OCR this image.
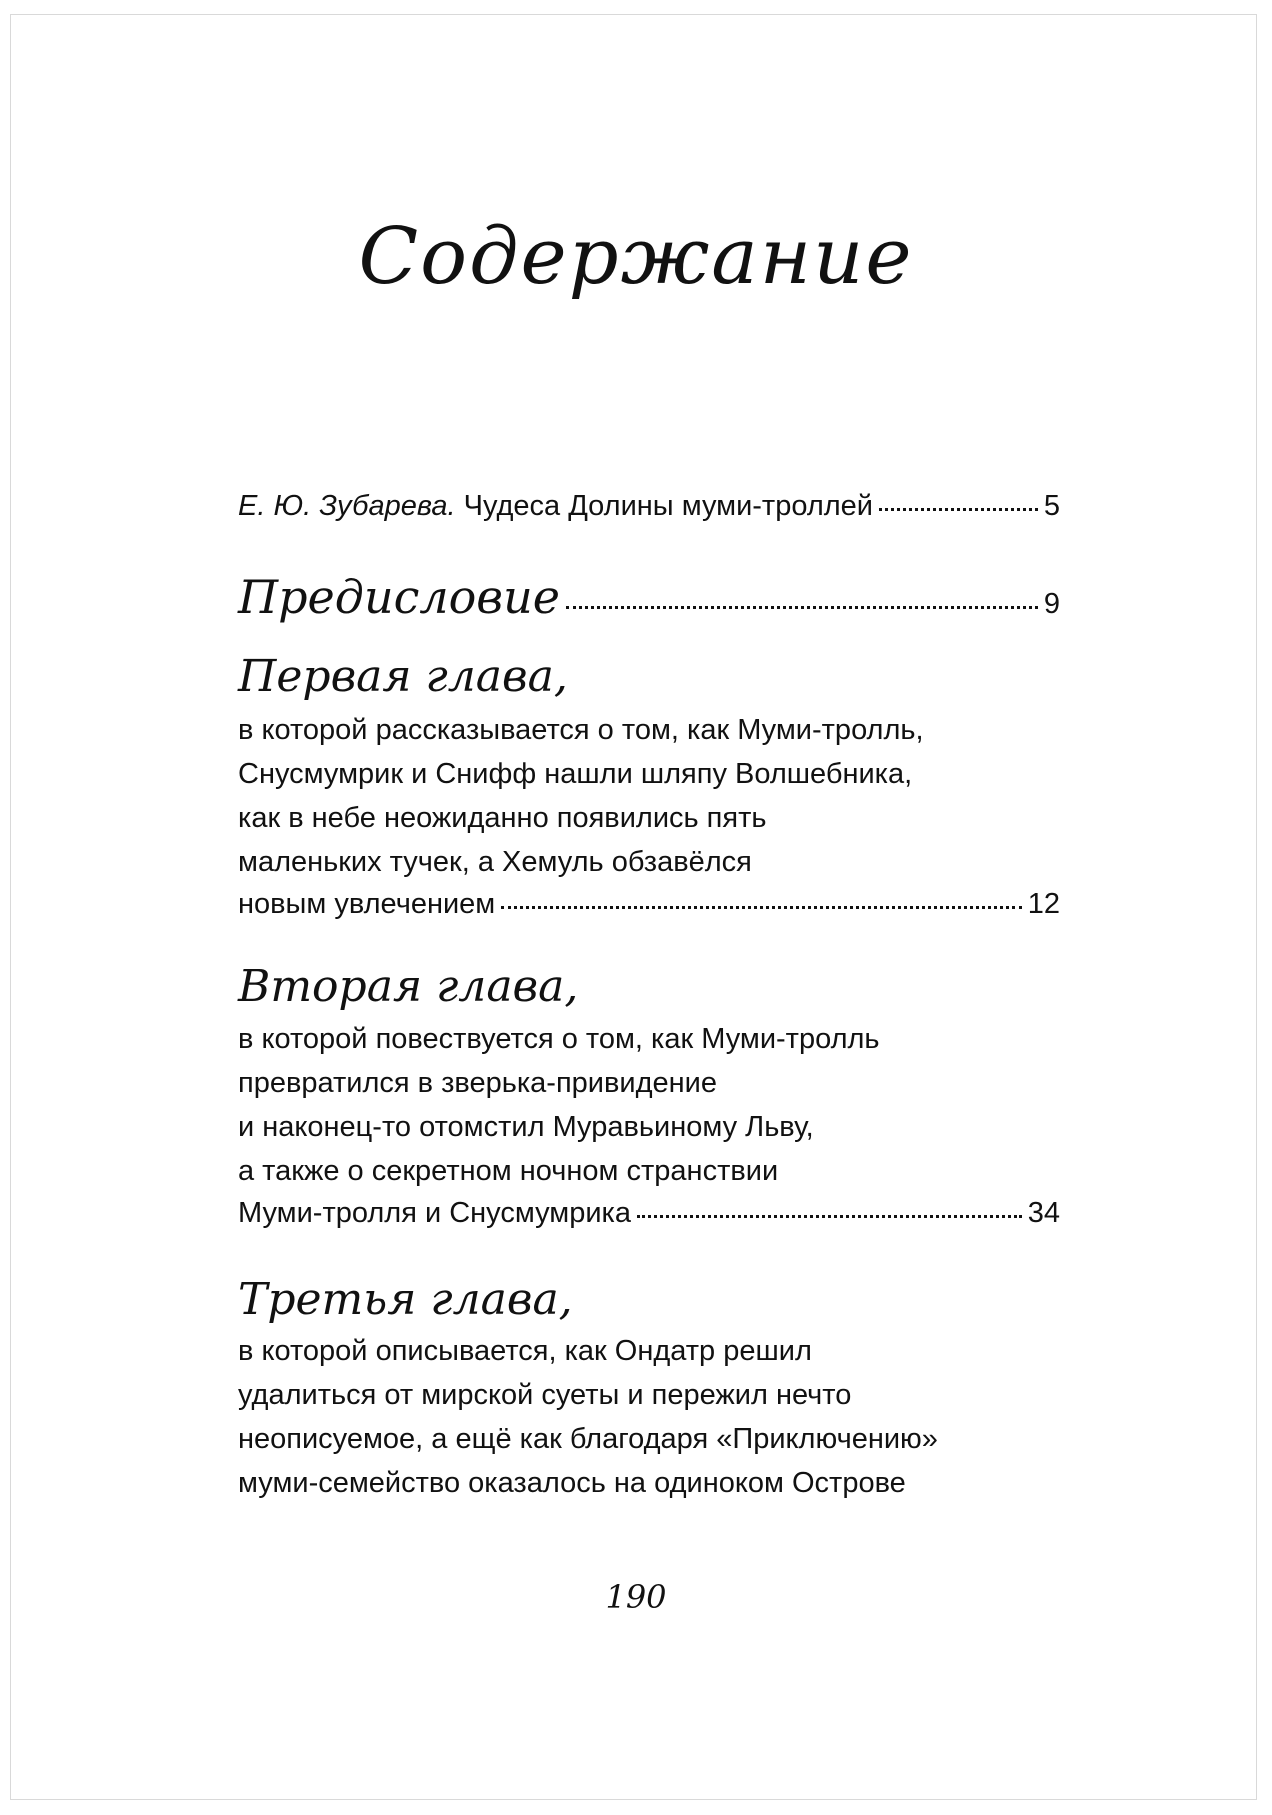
Содержание
Е. Ю. Зубарева.
Чудеса Долины муми-троллей	5
Предисловие	9
Первая глава,
в которой рассказывается о том, как Муми-тролль,
Снусмумрик и Снифф нашли шляпу Волшебника,
как в небе неожиданно появились пять
маленьких тучек, а Хемуль обзавёлся
новым увлечением	12
Вторая глава,
в которой повествуется о том, как Муми-тролль
превратился в зверька-привидение
и наконец-то отомстил Муравьиному Льву,
а также о секретном ночном странствии
Муми-тролля и Снусмумрика	34
Третья глава,
в которой описывается, как Ондатр решил
удалиться от мирской суеты и пережил нечто
неописуемое, а ещё как благодаря «Приключению»
муми-семейство оказалось на одиноком Острове
190
